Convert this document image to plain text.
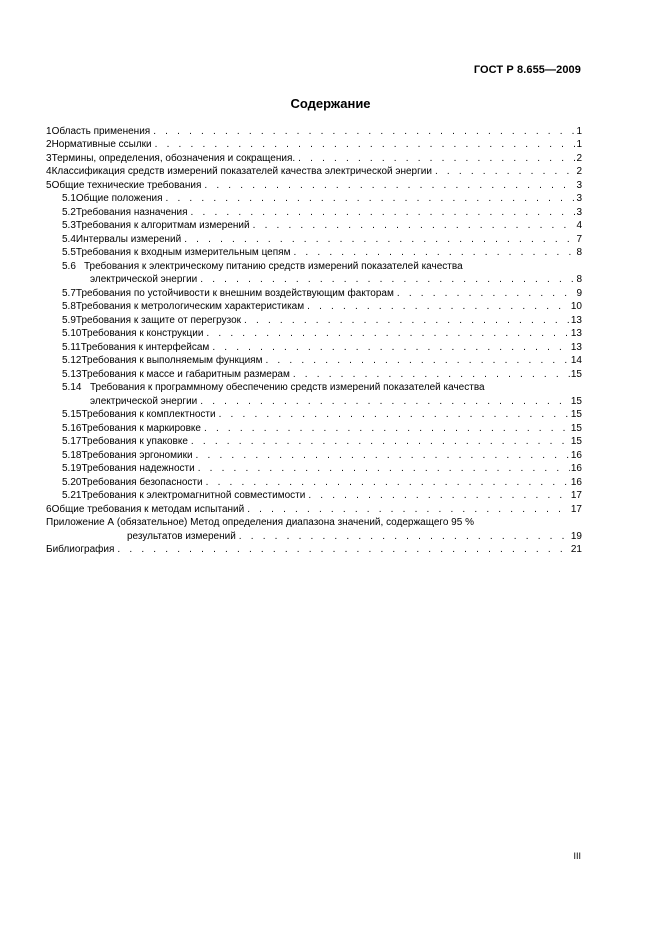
ГОСТ Р 8.655—2009
Содержание
1 Область применения . . .	1
2 Нормативные ссылки . . .	1
3 Термины, определения, обозначения и сокращения. . . .	2
4 Классификация средств измерений показателей качества электрической энергии . . .	2
5 Общие технические требования . . .	3
5.1 Общие положения . . .	3
5.2 Требования назначения . . .	3
5.3 Требования к алгоритмам измерений . . .	4
5.4 Интервалы измерений . . .	7
5.5 Требования к входным измерительным цепям . . .	8
5.6 Требования к электрическому питанию средств измерений показателей качества
электрической энергии . . .	8
5.7 Требования по устойчивости к внешним воздействующим факторам . . .	9
5.8 Требования к метрологическим характеристикам . . .	10
5.9 Требования к защите от перегрузок . . .	13
5.10 Требования к конструкции . . .	13
5.11 Требования к интерфейсам . . .	13
5.12 Требования к выполняемым функциям . . .	14
5.13 Требования к массе и габаритным размерам . . .	15
5.14 Требования к программному обеспечению средств измерений показателей качества
электрической энергии . . .	15
5.15 Требования к комплектности . . .	15
5.16 Требования к маркировке . . .	15
5.17 Требования к упаковке . . .	15
5.18 Требования эргономики . . .	16
5.19 Требования надежности . . .	16
5.20 Требования безопасности . . .	16
5.21 Требования к электромагнитной совместимости . . .	17
6 Общие требования к методам испытаний . . .	17
Приложение А (обязательное) Метод определения диапазона значений, содержащего 95 %
результатов измерений . . .	19
Библиография . . .	21
III
